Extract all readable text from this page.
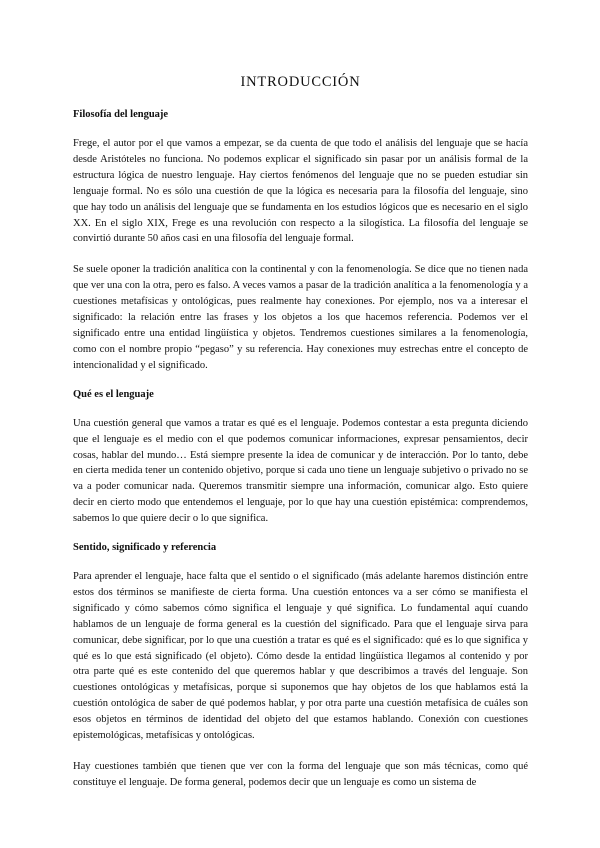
INTRODUCCIÓN
Filosofía del lenguaje

Frege, el autor por el que vamos a empezar, se da cuenta de que todo el análisis del lenguaje que se hacía desde Aristóteles no funciona. No podemos explicar el significado sin pasar por un análisis formal de la estructura lógica de nuestro lenguaje. Hay ciertos fenómenos del lenguaje que no se pueden estudiar sin lenguaje formal. No es sólo una cuestión de que la lógica es necesaria para la filosofía del lenguaje, sino que hay todo un análisis del lenguaje que se fundamenta en los estudios lógicos que es necesario en el siglo XX. En el siglo XIX, Frege es una revolución con respecto a la silogística. La filosofía del lenguaje se convirtió durante 50 años casi en una filosofía del lenguaje formal.

Se suele oponer la tradición analítica con la continental y con la fenomenología. Se dice que no tienen nada que ver una con la otra, pero es falso. A veces vamos a pasar de la tradición analítica a la fenomenología y a cuestiones metafísicas y ontológicas, pues realmente hay conexiones. Por ejemplo, nos va a interesar el significado: la relación entre las frases y los objetos a los que hacemos referencia. Podemos ver el significado entre una entidad lingüística y objetos. Tendremos cuestiones similares a la fenomenología, como con el nombre propio “pegaso” y su referencia. Hay conexiones muy estrechas entre el concepto de intencionalidad y el significado.

Qué es el lenguaje

Una cuestión general que vamos a tratar es qué es el lenguaje. Podemos contestar a esta pregunta diciendo que el lenguaje es el medio con el que podemos comunicar informaciones, expresar pensamientos, decir cosas, hablar del mundo… Está siempre presente la idea de comunicar y de interacción. Por lo tanto, debe en cierta medida tener un contenido objetivo, porque si cada uno tiene un lenguaje subjetivo o privado no se va a poder comunicar nada. Queremos transmitir siempre una información, comunicar algo. Esto quiere decir en cierto modo que entendemos el lenguaje, por lo que hay una cuestión epistémica: comprendemos, sabemos lo que quiere decir o lo que significa.

Sentido, significado y referencia

Para aprender el lenguaje, hace falta que el sentido o el significado (más adelante haremos distinción entre estos dos términos se manifieste de cierta forma. Una cuestión entonces va a ser cómo se manifiesta el significado y cómo sabemos cómo significa el lenguaje y qué significa. Lo fundamental aquí cuando hablamos de un lenguaje de forma general es la cuestión del significado. Para que el lenguaje sirva para comunicar, debe significar, por lo que una cuestión a tratar es qué es el significado: qué es lo que significa y qué es lo que está significado (el objeto). Cómo desde la entidad lingüística llegamos al contenido y por otra parte qué es este contenido del que queremos hablar y que describimos a través del lenguaje. Son cuestiones ontológicas y metafísicas, porque si suponemos que hay objetos de los que hablamos está la cuestión ontológica de saber de qué podemos hablar, y por otra parte una cuestión metafísica de cuáles son esos objetos en términos de identidad del objeto del que estamos hablando. Conexión con cuestiones epistemológicas, metafísicas y ontológicas.

Hay cuestiones también que tienen que ver con la forma del lenguaje que son más técnicas, como qué constituye el lenguaje. De forma general, podemos decir que un lenguaje es como un sistema de
